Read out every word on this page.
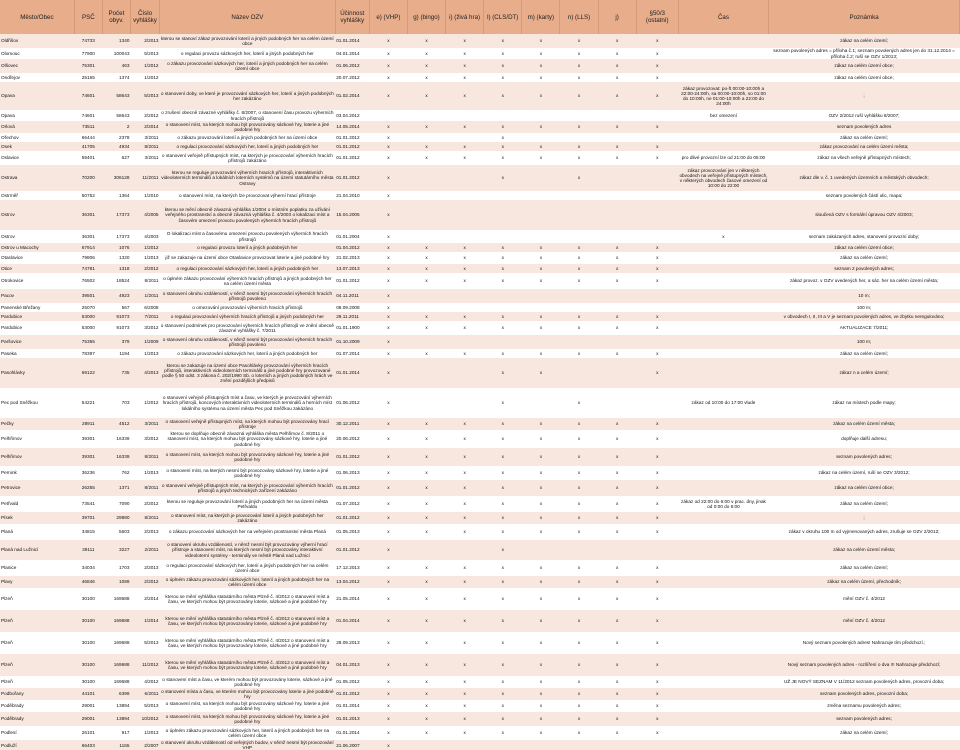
Město/Obec	PSČ	Počet obyv.	Číslo vyhlášky	Název OZV	Účinnost vyhlášky	e) (VHP)	g) (bingo)	i) (živá hra)	l) (CLS/DT)	m) (karty)	n) (LLS)	j)	§50/3 (ostatní)	Čas	Poznámka
Oldřišov	74733	1340	2/2013	kterou se stanoví zákaz provozování loterií a jiných podobných her na celém území obce	01.01.2014	x	x	x	x	x	x	x	x		zákaz na celém území;
Olomouc	77900	100043	5/2013	o regulaci provozu sázkových her, loterií a jiných podobných her	04.01.2014	x	x	x	x	x	x	x	x		seznam povolených adres = příloha č.1; seznam povolených adres jen do 31.12.2014 = příloha č.2; ruší se OZV 1/2013;
Olšovec	75301	463	1/2012	o zákazu provozování sázkových her, loterií a jiných podobných her na celém území obce	01.06.2012	x	x	x	x	x	x	x	x		zákaz na celém území obce;
Ondřejov	25165	1374	1/2012		20.07.2012	x	x	x	x	x	x	x	x		zákaz na celém území obce;
Opava	74601	58643	5/2013	o stanovení doby, ve které je provozování sázkových her, loterií a jiných podobných her zakázáno	01.02.2014	x	x	x	x	x	x	x	x	zákaz provozovat: po-ft 00:00-10:00h a 22:00-24:00h, sa 00:00-10:00h, so 01:00 do 10:00h, ne 01:00-10:00h a 22:00 do 24:00h	;
Opava	74601	58643	2/2012	o zrušení obecně závazné vyhlášky č. 8/2007, o stanovení času provozu výherních hracích přístrojů	03.04.2012									bez omezení	OZV 2/2012 ruší vyhlášku 8/2007;
Orlová	73511	2	2/2014	o stanovení míst, na kterých mohou být provozovány sázkové hry, loterie a jiné podobné hry	14.05.2014	x	x	x	x	x	x	x	x		seznam povolených adres
Ořechov	66444	2378	3/2011	o zákazu provozování loterií a jiných podobných her na území obce	01.01.2012	x			x						zákaz na celém území;
Osek	41705	4934	8/2011	o regulaci provozování sázkových her, loterií a jiných podobných her	01.01.2012	x	x	x	x	x	x	x	x		zákaz provozování na celém území města;
Oslavice	59401	627	3/2011	o stanovení veřejně přístupných míst, na kterých je provozování výherních hracích přístrojů zakázáno	01.01.2012	x	x	x	x	x	x	x	x	pro dlivé provozní lze od 21:00 do 05:00	zákaz na všech veřejně přístupných místech;
Ostrava	70200	306128	11/2011	kterou se reguluje provozování výherních hracích přístrojů, interaktivních videoloterních terminálů a lokálních loterních systémů na území statutárního města Ostravy	01.01.2012	x			x		x			zákaz provozování jen v některých obvodech na veřejně přístupných místech, v některých obvodech časové omezení od 10:00 do 22:00	zákaz dle v. č. 1 uvedených územních a městských obvodech;
Ostrměř	50752	1364	1/2010	o stanovení míst, na kterých lze provozovat výherní hrací přístroje	21.04.2010	x									seznam povolených částí ulic, mapa;
Ostrov	36301	17373	4/2005	kterou se mění obecně závazná vyhláška 1/2004 o místním poplatku za užívání veřejného prostranství a obecně závazná vyhláška č. 4/2003 o lokalizaci míst a časovém omezení provozu povolených výherních hracích přístrojů	15.04.2005	x									sloučená OZV s formální úpravou OZV 4/2003;
Ostrov	36301	17373	4/2003	O lokalizaci míst a časovému omezení provozu povolených výherních hracích přístrojů	01.01.2004	x								x	seznam zakázaných adres, stanovení provozní doby;
Ostrov u Macochy	67914	1076	1/2012	o regulaci provozu loterií a jiných podobných her	01.04.2012	x	x	x	x	x	x	x	x		zákaz na celém území obce;
Otaslavice	79806	1320	1/2013	již se zakazuje na území obce Otaslavice provozovat loterie a jiné podobné hry	21.02.2013	x	x	x	x	x	x	x	x		zákaz na celém území;
Otice	74781	1318	2/2012	o regulaci provozování sázkových her, loterií a jiných podobných her	13.07.2013	x	x	x	x	x	x	x	x		seznam 2 povolených adres;
Otrokovice	76502	18524	8/2011	o úplném zákazu provozování výherních hracích přístrojů a jiných podobných her na celém území města	01.01.2012	x	x	x	x	x	x	x	x		zákaz provoz. v OZV uvedených her, a sáz. her na celém území města;
Pacov	39501	4923	1/2011	o stanovení okruhu vzdáleností, v němž nesmí být provozování výherních hracích přístrojů povoleno	04.11.2011	x									10 m;
Panenské Břežany	25070	567	6/2008	o omezování provozování výherních hracích přístrojů	08.09.2008	x									100 m;
Pardubice	53000	91073	7/2011	o regulaci provozování výherních hracích přístrojů a jiných podobných her	29.11.2011	x	x	x	x	x	x	x	x		v obvodech I, II, III a V je seznam povolených adres, ve zbytku neregulováno;
Pardubice	53000	91073	3/2012	o stanovení podmínek pro provozování výherních hracích přístrojů ve znění obecně závazné vyhlášky č. 7/2011	01.01.1900	x	x	x	x	x	x	x	x		AKTUALIZACE 7/2011;
Paršovice	75355	379	1/2009	o stanovení okruhu vzdáleností, v němž nesmí být provozování výherních hracích přístrojů povoleno	01.10.2009	x									100 m;
Paseka	78397	1194	1/2013	o zákazu provozování sázkových her, loterií a jiných podobných her	01.07.2014	x	x	x	x	x	x	x	x		zákaz na celém území;
Pasohlávky	69122	735	4/2013	kterou se zakazuje na území obce Pasohlávky provozování výherních hracích přístrojů, interaktivních videoloterních terminálů a jiné podobné hry provozované podle § 50 odst. 3 zákona č. 202/1990 Sb. o loteriích a jiných podobných hrách ve znění pozdějších předpisů	01.01.2014	x			x	x			x		zákaz n a celém území;
Pec pod Sněžkou	54221	703	1/2012	o stanovení veřejně přístupných míst a času, ve kterých je provozování výherních hracích přístrojů, koncových interaktivních videoloterních terminálů a herních míst lokálního systému na území města Pec pod Sněžkou zakázáno	01.06.2012	x			x		x			zákaz od 10:00 do 17:00 vlude	zákaz na místech podle mapy;
Pečky	28911	4512	3/2011	o stanovení veřejně přístupných míst, na kterých mohou být provozovány hrací přístroje	30.12.2011	x	x	x	x	x	x	x	x		zákaz na celém území města;
Pelhřimov	39301	16339	3/2012	kterou se doplňuje obecně závazná vyhláška města Pelhřimov č. 8/2011 o stanovení míst, na kterých mohou být provozovány sázkové hry, loterie a jiné podobné hry	20.06.2012	x	x	x	x	x	x	x	x		doplňuje další adresu;
Pelhřimov	39301	16339	8/2011	o stanovení míst, na kterých mohou být provozovány sázkové hry, loterie a jiné podobné hry	01.01.2012	x	x	x	x	x	x	x	x		seznam povolených adres;
Pernink	36236	762	1/2013	o stanovení míst, na kterých nesmí být provozovány sázkové hry, loterie a jiné podobné hry	01.06.2013	x	x	x	x	x	x	x	x		zákaz na celém území, ruší se OZV 3/2012;
Petrovice	26255	1371	8/2011	o stanovení veřejně přístupných míst, na kterých je provozování výherních hracích přístrojů a jiných technických zařízení zakázáno	01.01.2012	x	x	x	x	x	x	x	x		zákaz na celém území obce;
Petřvald	73541	7090	2/2012	kterou se reguluje provozování loterií a jiných podobných her na území města Petřvaldu	01.07.2012	x	x	x	x	x	x	x	x	zákaz od 22:00 do 6:00 v prac. dny, jinak od 0:00 do 6:00	zákaz na celém území;
Písek	39701	29880	8/2011	o stanovení míst, na kterých je provozování loterií a jiných podobných her zakázáno	01.01.2012	x	x	x	x	x	x	x	x		;
Planá	34815	5603	2/2013	o zákazu provozování sázkových her na veřejném prostranství města Planá	01.05.2013	x	x	x	x	x	x	x	x		zákaz v okruhu 100 m od vyjmenovaných adres, zrušuje se OZV 2/2012;
Planá nad Lužnicí	39111	3227	2/2011	o stanovení okruhu vzdáleností, v němž nesmí být provozovány výherní hrací přístroje a stanovení míst, na kterých nesmí být provozovány interaktivní videoloterní systémy - terminály ve městě Planá nad Lužnicí	01.01.2012	x			x						zákaz na celém území města;
Planice	34034	1703	2/2013	o regulaci provozování sázkových her, loterií a jiných podobných her na celém území obce	17.12.2013	x	x	x	x	x	x	x	x		zákaz na celém území;
Plavy	46846	1089	2/2012	o úplném zákazu provozování sázkových her, loterií a jiných podobných her na celém území obce	13.04.2012	x	x	x	x	x	x	x	x		zákaz na celém území, přechodník;
Plzeň	30100	169688	2/2014	kterou se mění vyhláška statutárního města Plzně č. 4/2012 o stanovení míst a času, ve kterých mohou být provozovány loterie, sázkové a jiné podobné hry	21.05.2014	x	x	x	x	x	x	x	x		mění OZV č. 4/2012
Plzeň	30100	169688	1/2014	kterou se mění vyhláška statutárního města Plzně č. 4/2012 o stanovení míst a času, ve kterých mohou být provozovány loterie, sázkové a jiné podobné hry	01.04.2014	x	x	x	x	x	x	x	x		mění OZV č. 4/2012
Plzeň	30100	169688	5/2013	kterou se mění vyhláška statutárního města Plzně č. 4/2012 o stanovení míst a času, ve kterých mohou být provozovány loterie, sázkové a jiné podobné hry	28.09.2013	x	x	x	x	x	x	x	x		Nový seznam povolených adres! Nahrazuje tím předchozí.;
Plzeň	30100	169688	11/2012	kterou se mění vyhláška statutárního města Plzně č. 4/2012 o stanovení míst a času, ve kterých mohou být provozovány loterie, sázkové a jiné podobné hry	04.01.2013	x	x	x	x	x	x	x	x		Nový seznam povolených adres - rozšíření o dva !!! Nahrazuje předchozí;
Plzeň	30100	169688	4/2012	o stanovení míst a času, ve kterém mohou být provozovány loterie, sázkové a jiné podobné hry	01.05.2012	x	x	x	x	x	x	x	x		UŽ JE NOVÝ SEZNAM V 11/2012 seznam povolených adres, provozní doba;
Podbořany	44101	6399	6/2011	o stanovení místa a času, ve kterém mohou být provozovány loterie a jiné podobné hry	01.01.2012	x	x	x	x	x	x	x	x		seznam povolených adres, provozní doba;
Poděbrady	29001	13894	5/2013	o stanovení míst, na kterých mohou být provozovány sázkové hry, loterie a jiné podobné hry	01.01.2014	x	x	x	x	x	x	x	x		změna seznamu povolených adres;
Poděbrady	29001	13894	10/2012	o stanovení míst, na kterých mohou být provozovány sázkové hry, loterie a jiné podobné hry	01.01.2013	x	x	x	x	x	x	x	x		seznam povolených adres;
Podlesí	26101	917	1/2013	o úplném zákazu provozování sázkových her, loterií a jiných podobných her na celém území obce	01.01.2014	x	x	x	x	x	x	x	x		zákaz na celém území;
Podluží	66403	1165	2/2007	o stanovení okruhu vzdáleností od veřejných budov, v němž nesmí být provozování VHP	21.06.2007	x									
